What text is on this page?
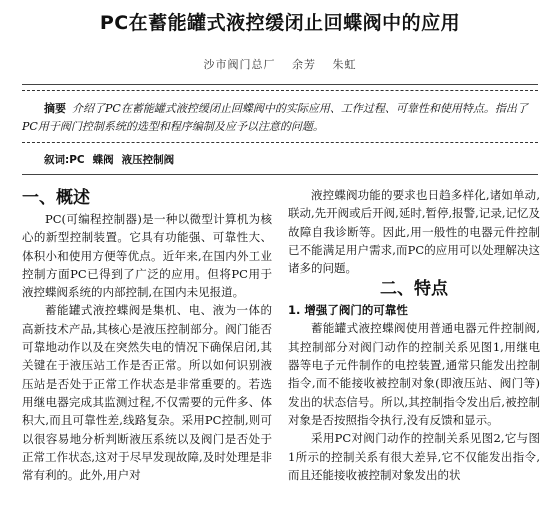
PC在蓄能罐式液控缓闭止回蝶阀中的应用
沙市阀门总厂 余芳 朱虹
摘要 介绍了PC在蓄能罐式液控缓闭止回蝶阀中的实际应用、工作过程、可靠性和使用特点。指出了PC用于阀门控制系统的选型和程序编制及应予以注意的问题。
叙词:PC 蝶阀 液压控制阀
一、概述

PC(可编程控制器)是一种以微型计算机为核心的新型控制装置。它具有功能强、可靠性大、体积小和使用方便等优点。近年来,在国内外工业控制方面PC已得到了广泛的应用。但将PC用于液控蝶阀系统的内部控制,在国内未见报道。

蓄能罐式液控蝶阀是集机、电、液为一体的高新技术产品,其核心是液压控制部分。阀门能否可靠地动作以及在突然失电的情况下确保启闭,其关键在于液压站工作是否正常。所以如何识别液压站是否处于正常工作状态是非常重要的。若选用继电器完成其监测过程,不仅需要的元件多、体积大,而且可靠性差,线路复杂。采用PC控制,则可以很容易地分析判断液压系统以及阀门是否处于正常工作状态,这对于尽早发现故障,及时处理是非常有利的。此外,用户对

液控蝶阀功能的要求也日趋多样化,诸如单动,联动,先开阀或后开阀,延时,暂停,报警,记录,记忆及故障自我诊断等。因此,用一般性的电器元件控制已不能满足用户需求,而PC的应用可以处理解决这诸多的问题。

二、特点
1. 增强了阀门的可靠性

蓄能罐式液控蝶阀使用普通电器元件控制阀,其控制部分对阀门动作的控制关系见图1,用继电器等电子元件制作的电控装置,通常只能发出控制指令,而不能接收被控制对象(即液压站、阀门等)发出的状态信号。所以,其控制指令发出后,被控制对象是否按照指令执行,没有反馈和显示。

采用PC对阀门动作的控制关系见图2,它与图1所示的控制关系有很大差异,它不仅能发出指令,而且还能接收被控制对象发出的状
